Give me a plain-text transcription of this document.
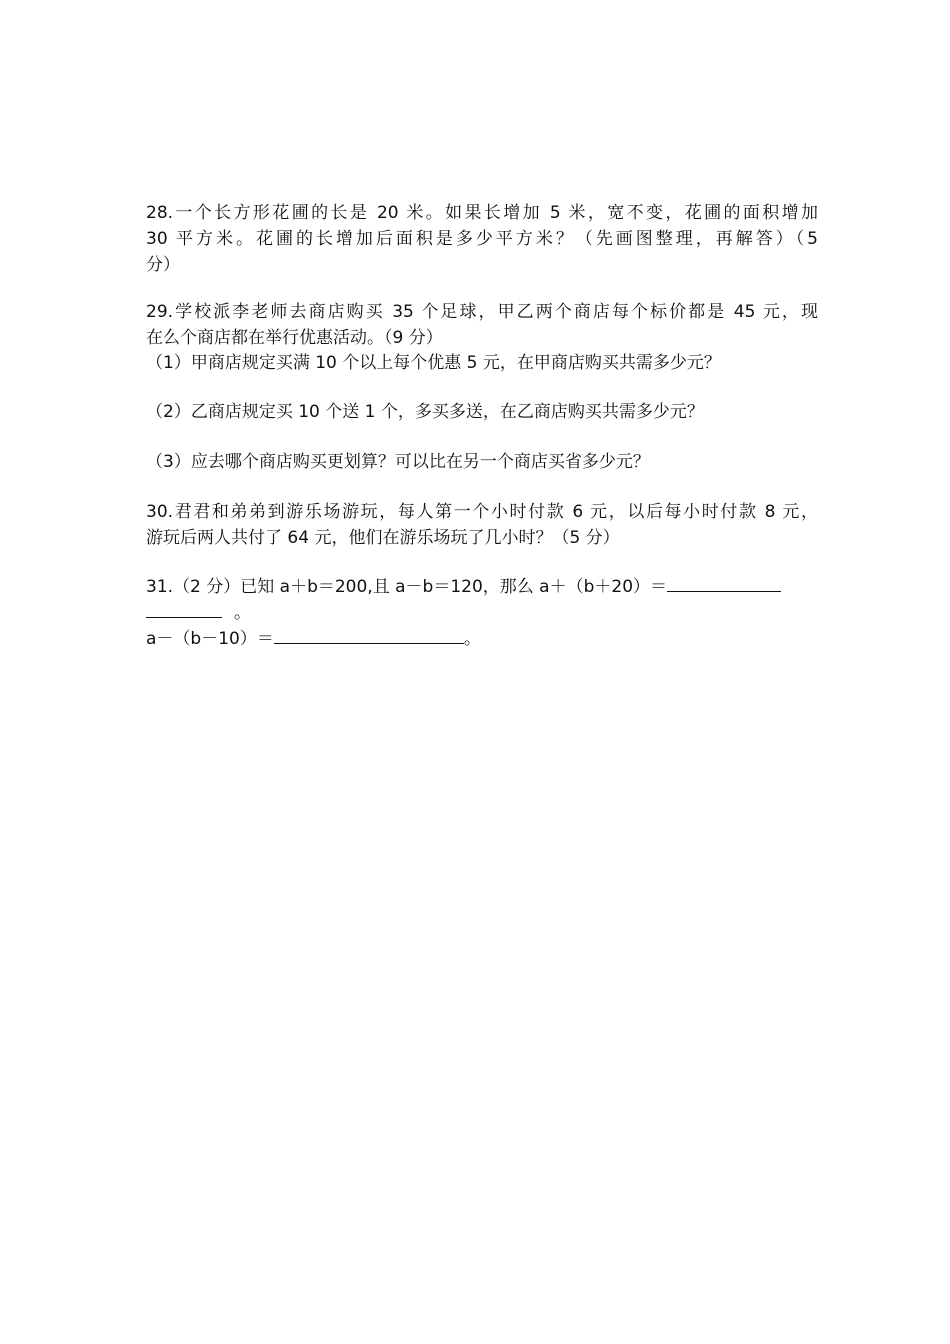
28.一个长方形花圃的长是 20 米。如果长增加 5 米，宽不变，花圃的面积增加
30 平方米。花圃的长增加后面积是多少平方米？（先画图整理，再解答）（5
分）
29.学校派李老师去商店购买 35 个足球，甲乙两个商店每个标价都是 45 元，现
在么个商店都在举行优惠活动。（9 分）
（1）甲商店规定买满 10 个以上每个优惠 5 元，在甲商店购买共需多少元？
（2）乙商店规定买 10 个送 1 个，多买多送，在乙商店购买共需多少元？
（3）应去哪个商店购买更划算？可以比在另一个商店买省多少元？
30.君君和弟弟到游乐场游玩，每人第一个小时付款 6 元，以后每小时付款 8 元，
游玩后两人共付了 64 元，他们在游乐场玩了几小时？（5 分）
31.（2 分）已知 a＋b＝200,且 a－b＝120，那么 a＋（b＋20）＝
。
a－（b－10）＝	。
